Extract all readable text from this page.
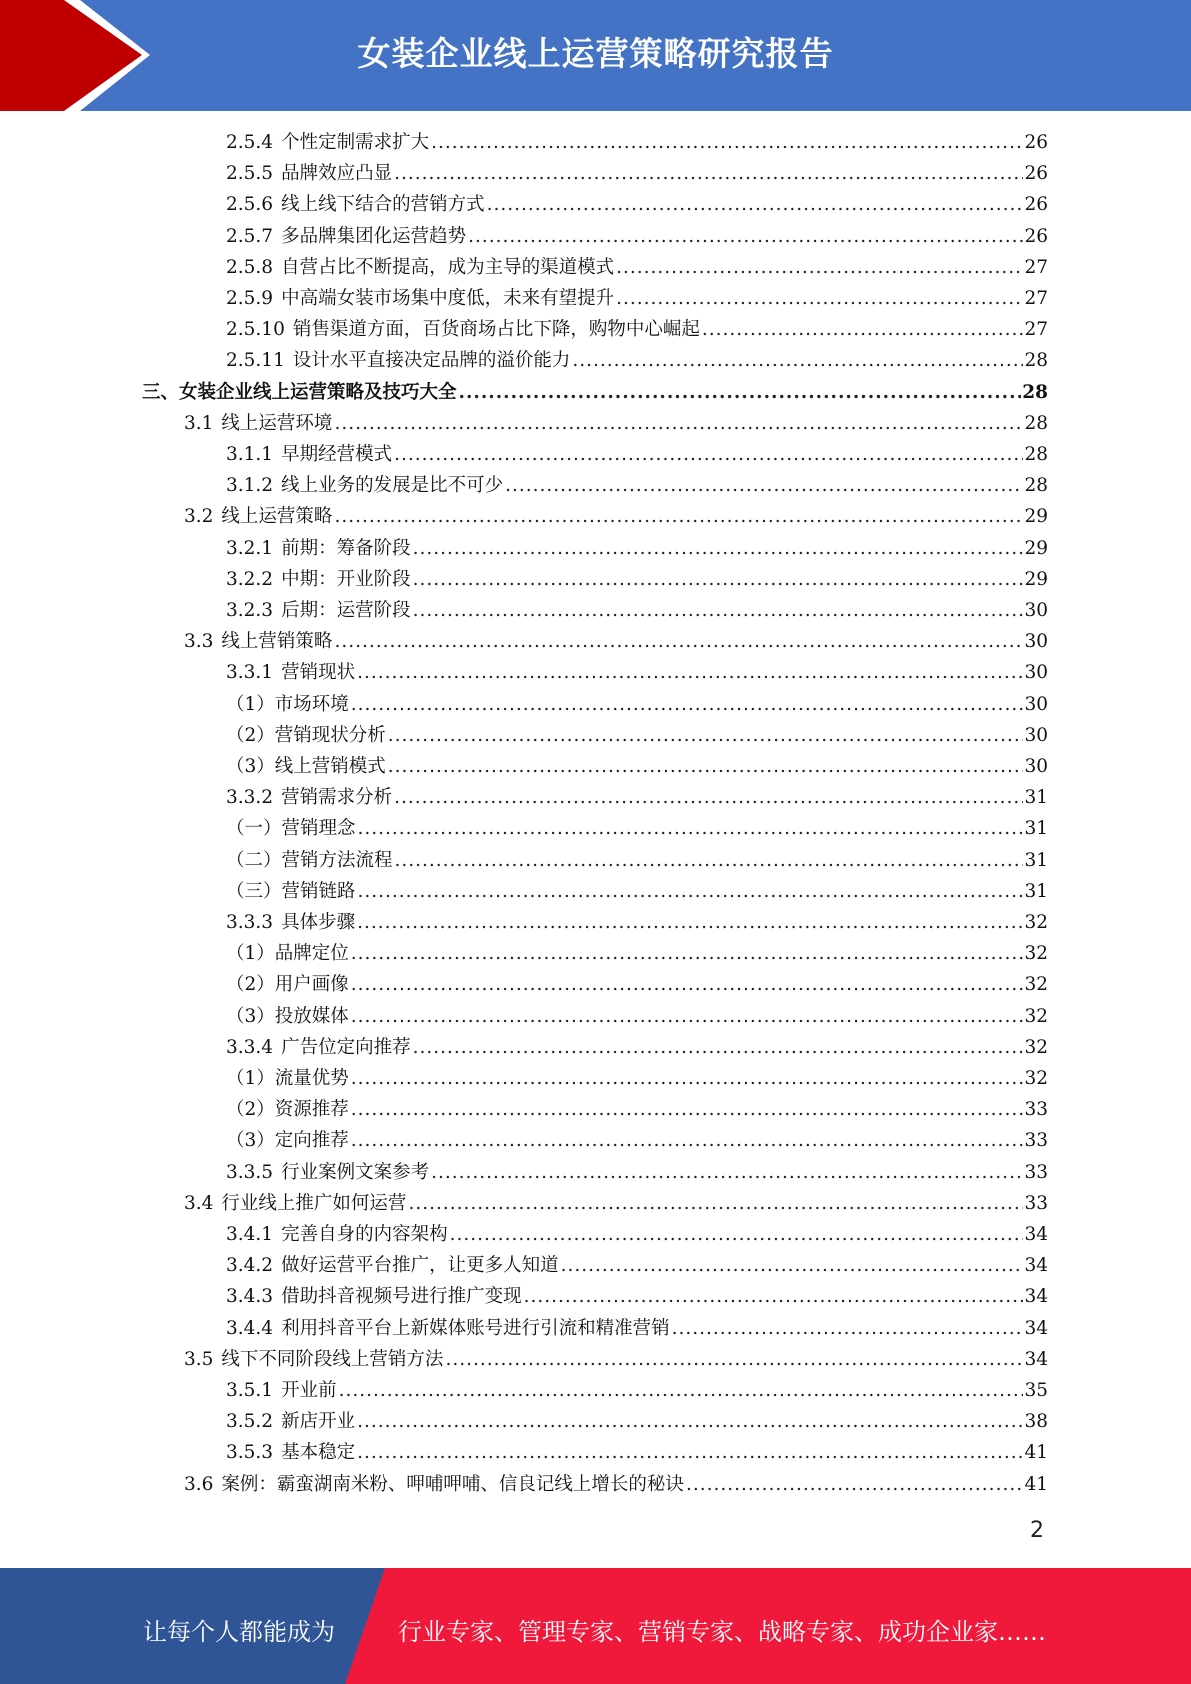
女装企业线上运营策略研究报告
2.5.4 个性定制需求扩大 .....	26
2.5.5 品牌效应凸显 .....	26
2.5.6 线上线下结合的营销方式 .....	26
2.5.7 多品牌集团化运营趋势 .....	26
2.5.8 自营占比不断提高，成为主导的渠道模式 .....	27
2.5.9 中高端女装市场集中度低，未来有望提升 .....	27
2.5.10 销售渠道方面，百货商场占比下降，购物中心崛起 .....	27
2.5.11 设计水平直接决定品牌的溢价能力 .....	28
三、女装企业线上运营策略及技巧大全 .....	28
3.1 线上运营环境 .....	28
3.1.1 早期经营模式 .....	28
3.1.2 线上业务的发展是比不可少 .....	28
3.2 线上运营策略 .....	29
3.2.1 前期：筹备阶段 .....	29
3.2.2 中期：开业阶段 .....	29
3.2.3 后期：运营阶段 .....	30
3.3 线上营销策略 .....	30
3.3.1 营销现状 .....	30
（1）市场环境 .....	30
（2）营销现状分析 .....	30
（3）线上营销模式 .....	30
3.3.2 营销需求分析 .....	31
（一）营销理念 .....	31
（二）营销方法流程 .....	31
（三）营销链路 .....	31
3.3.3 具体步骤 .....	32
（1）品牌定位 .....	32
（2）用户画像 .....	32
（3）投放媒体 .....	32
3.3.4 广告位定向推荐 .....	32
（1）流量优势 .....	32
（2）资源推荐 .....	33
（3）定向推荐 .....	33
3.3.5 行业案例文案参考 .....	33
3.4 行业线上推广如何运营 .....	33
3.4.1 完善自身的内容架构 .....	34
3.4.2 做好运营平台推广，让更多人知道 .....	34
3.4.3 借助抖音视频号进行推广变现 .....	34
3.4.4 利用抖音平台上新媒体账号进行引流和精准营销 .....	34
3.5 线下不同阶段线上营销方法 .....	34
3.5.1 开业前 .....	35
3.5.2 新店开业 .....	38
3.5.3 基本稳定 .....	41
3.6 案例：霸蛮湖南米粉、呷哺呷哺、信良记线上增长的秘诀 .....	41
2
让每个人都能成为	行业专家、管理专家、营销专家、战略专家、成功企业家……
